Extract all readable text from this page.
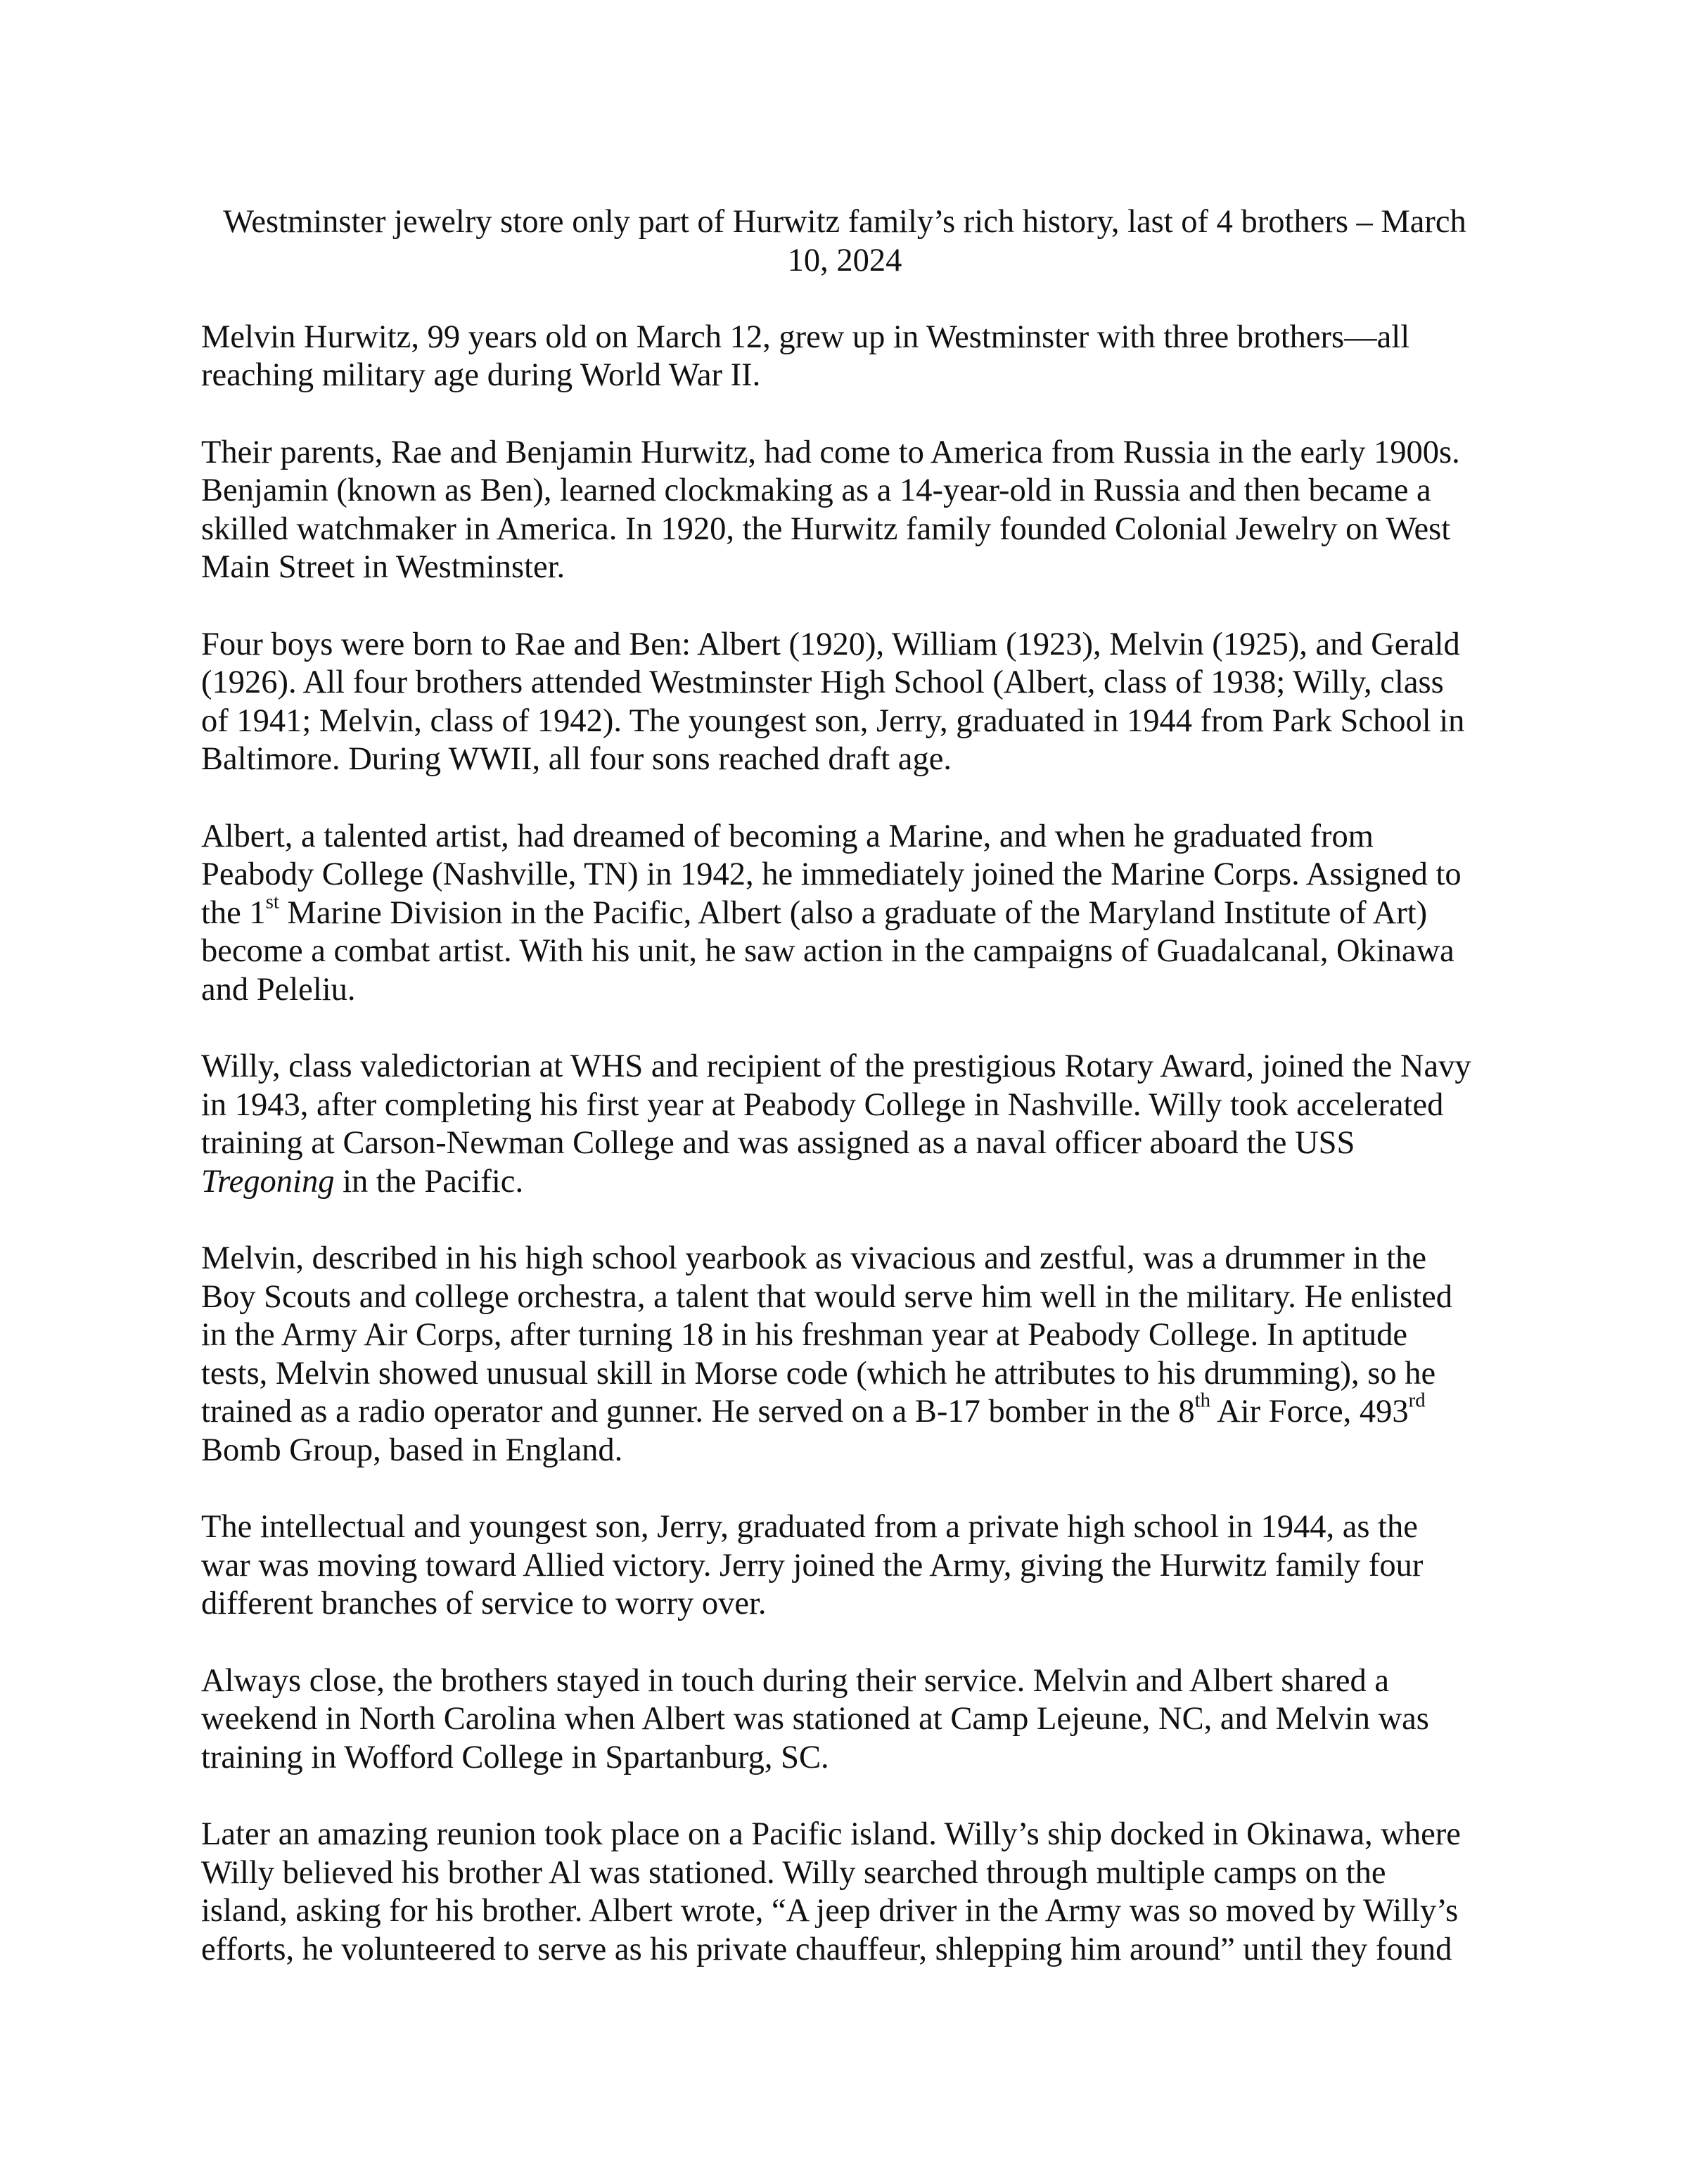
Westminster jewelry store only part of Hurwitz family’s rich history, last of 4 brothers – March
10, 2024
Melvin Hurwitz, 99 years old on March 12, grew up in Westminster with three brothers—all
reaching military age during World War II.
Their parents, Rae and Benjamin Hurwitz, had come to America from Russia in the early 1900s.
Benjamin (known as Ben), learned clockmaking as a 14-year-old in Russia and then became a
skilled watchmaker in America. In 1920, the Hurwitz family founded Colonial Jewelry on West
Main Street in Westminster.
Four boys were born to Rae and Ben: Albert (1920), William (1923), Melvin (1925), and Gerald
(1926). All four brothers attended Westminster High School (Albert, class of 1938; Willy, class
of 1941; Melvin, class of 1942). The youngest son, Jerry, graduated in 1944 from Park School in
Baltimore. During WWII, all four sons reached draft age.
Albert, a talented artist, had dreamed of becoming a Marine, and when he graduated from
Peabody College (Nashville, TN) in 1942, he immediately joined the Marine Corps. Assigned to
the 1st Marine Division in the Pacific, Albert (also a graduate of the Maryland Institute of Art)
become a combat artist. With his unit, he saw action in the campaigns of Guadalcanal, Okinawa
and Peleliu.
Willy, class valedictorian at WHS and recipient of the prestigious Rotary Award, joined the Navy
in 1943, after completing his first year at Peabody College in Nashville. Willy took accelerated
training at Carson-Newman College and was assigned as a naval officer aboard the USS
Tregoning in the Pacific.
Melvin, described in his high school yearbook as vivacious and zestful, was a drummer in the
Boy Scouts and college orchestra, a talent that would serve him well in the military. He enlisted
in the Army Air Corps, after turning 18 in his freshman year at Peabody College. In aptitude
tests, Melvin showed unusual skill in Morse code (which he attributes to his drumming), so he
trained as a radio operator and gunner. He served on a B-17 bomber in the 8th Air Force, 493rd
Bomb Group, based in England.
The intellectual and youngest son, Jerry, graduated from a private high school in 1944, as the
war was moving toward Allied victory. Jerry joined the Army, giving the Hurwitz family four
different branches of service to worry over.
Always close, the brothers stayed in touch during their service. Melvin and Albert shared a
weekend in North Carolina when Albert was stationed at Camp Lejeune, NC, and Melvin was
training in Wofford College in Spartanburg, SC.
Later an amazing reunion took place on a Pacific island. Willy’s ship docked in Okinawa, where
Willy believed his brother Al was stationed. Willy searched through multiple camps on the
island, asking for his brother. Albert wrote, “A jeep driver in the Army was so moved by Willy’s
efforts, he volunteered to serve as his private chauffeur, shlepping him around” until they found
